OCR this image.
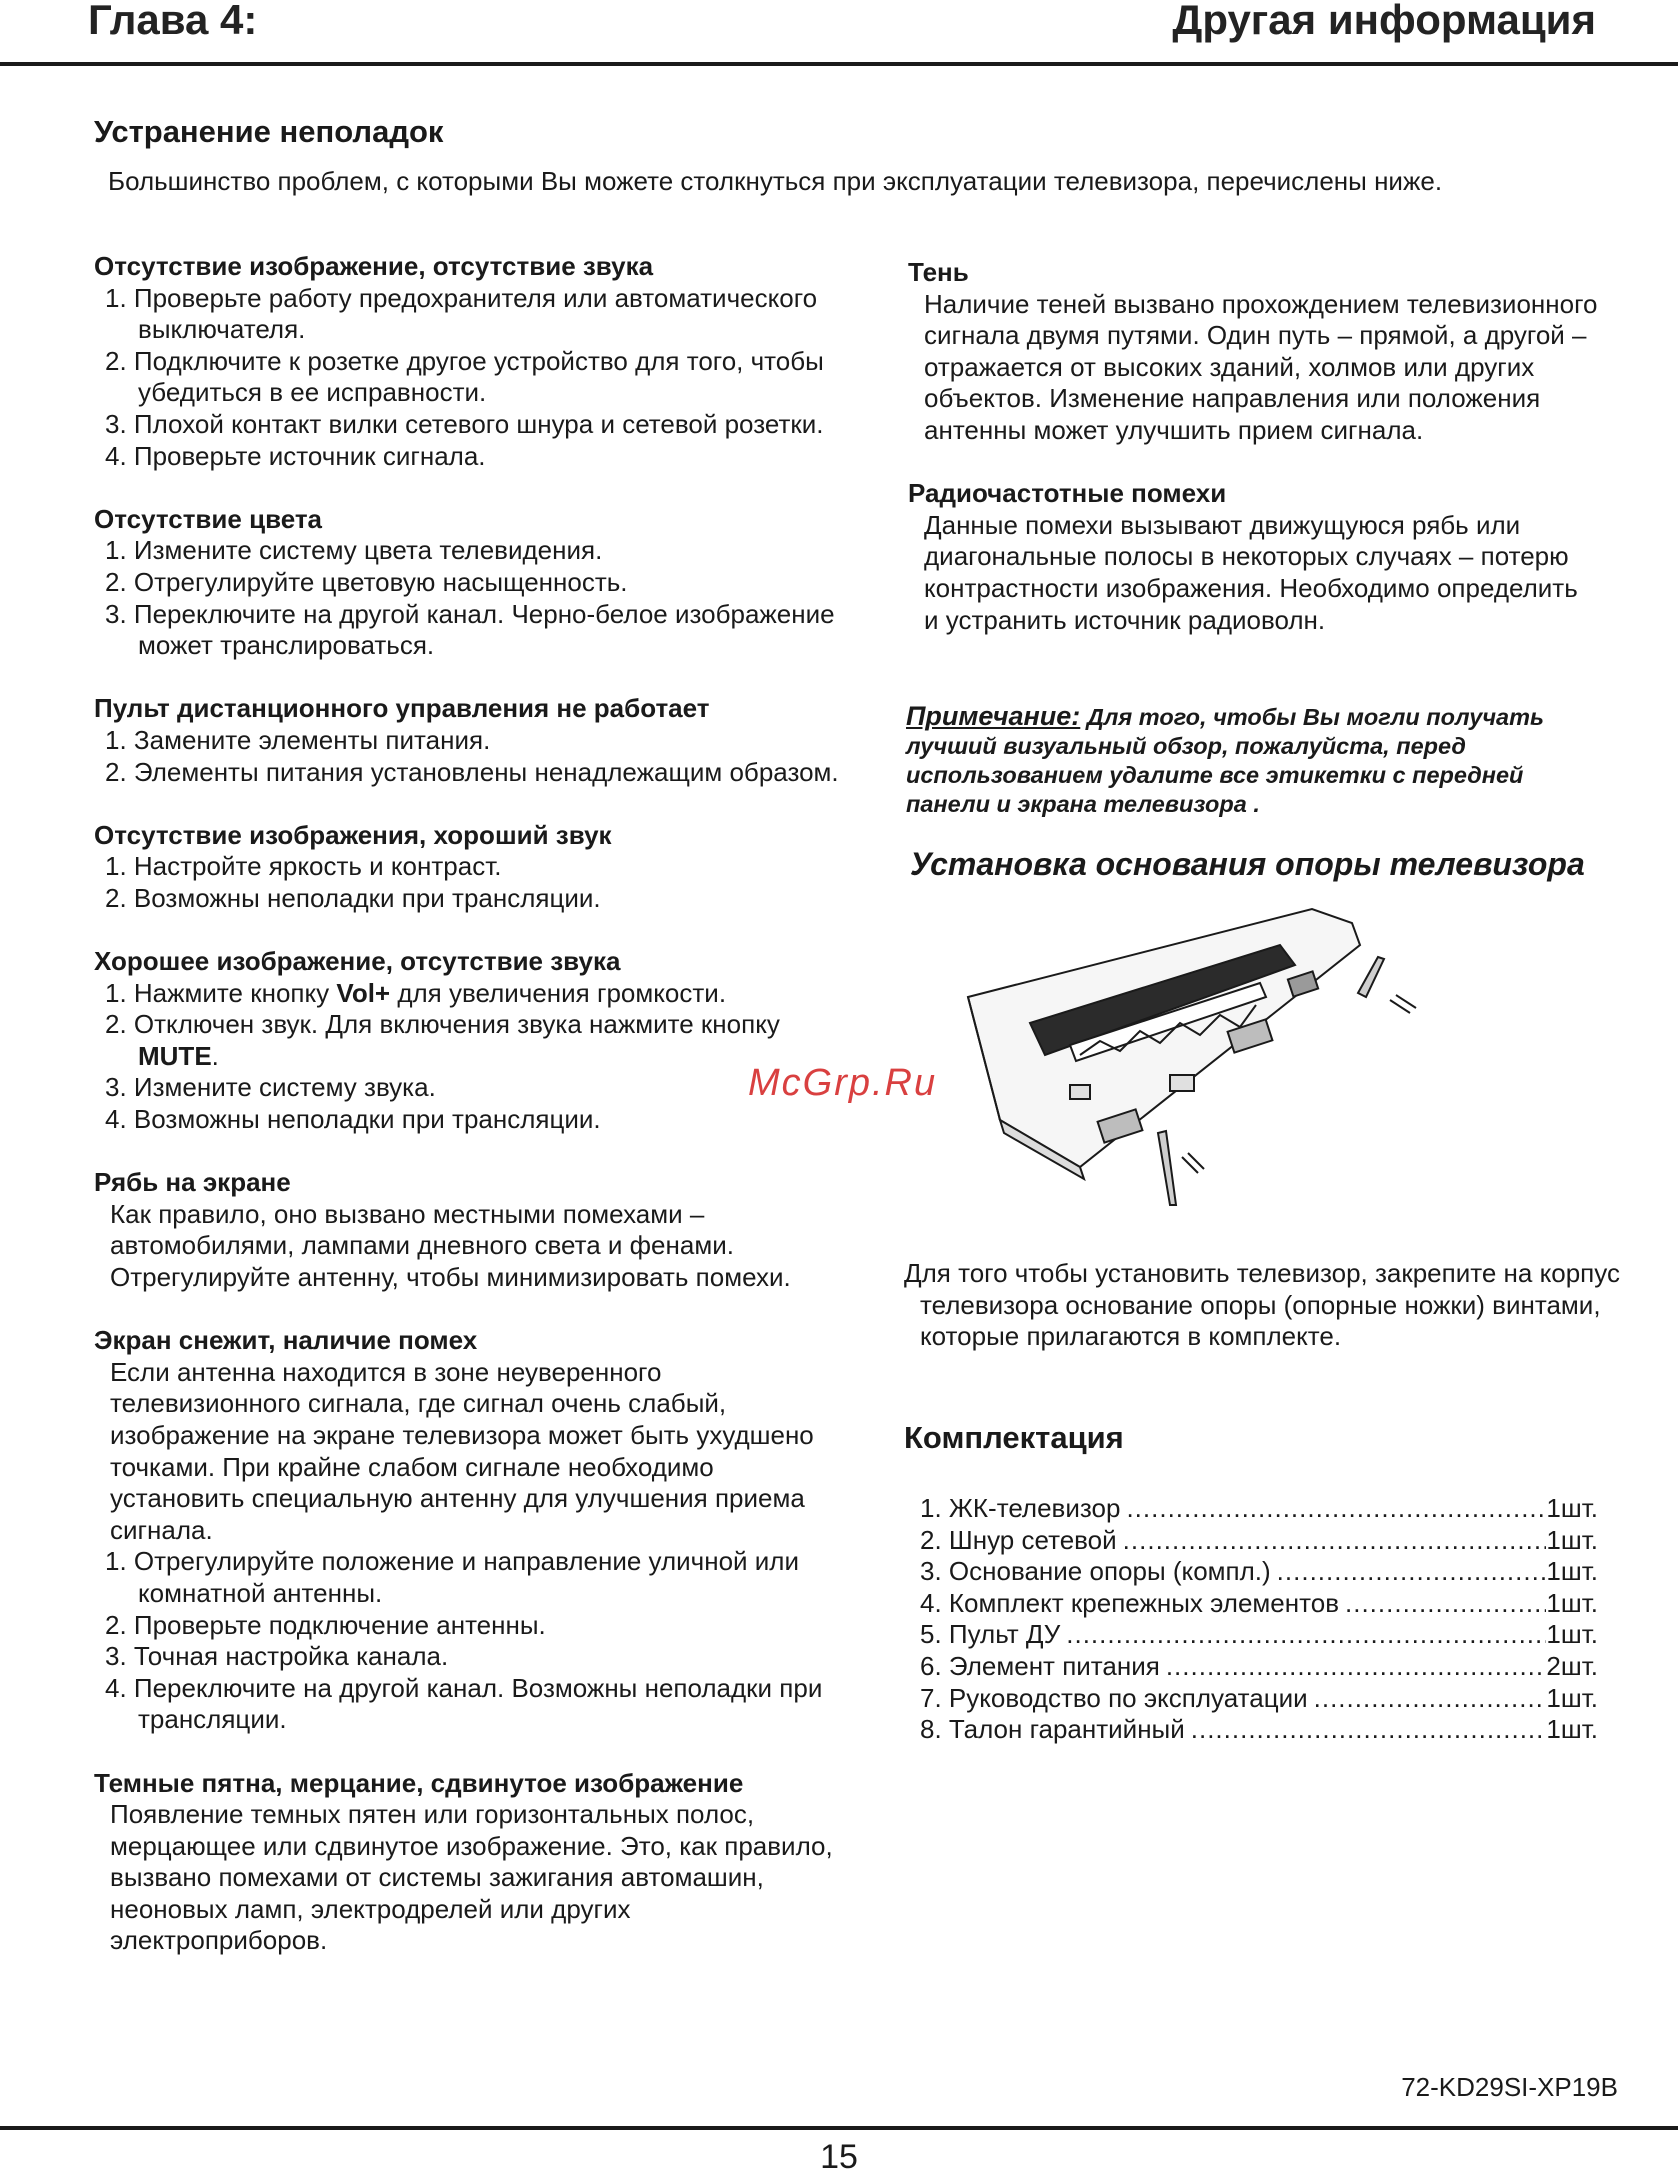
Глава 4:	Другая информация
Устранение неполадок
Большинство проблем, с которыми Вы можете столкнуться при эксплуатации телевизора, перечислены ниже.
Отсутствие изображение, отсутствие звука
1. Проверьте работу предохранителя или автоматического выключателя.
2. Подключите к розетке другое устройство для того, чтобы убедиться в ее исправности.
3. Плохой контакт вилки сетевого шнура и сетевой розетки.
4. Проверьте источник сигнала.
Отсутствие цвета
1. Измените систему цвета телевидения.
2. Отрегулируйте цветовую насыщенность.
3. Переключите на другой канал. Черно-белое изображение может транслироваться.
Пульт дистанционного управления не работает
1. Замените элементы питания.
2. Элементы питания установлены ненадлежащим образом.
Отсутствие изображения, хороший звук
1. Настройте яркость и контраст.
2. Возможны неполадки при трансляции.
Хорошее изображение, отсутствие звука
1. Нажмите кнопку Vol+ для увеличения громкости.
2. Отключен звук. Для включения звука нажмите кнопку MUTE.
3. Измените систему звука.
4. Возможны неполадки при трансляции.
Рябь на экране
Как правило, оно вызвано местными помехами – автомобилями, лампами дневного света и фенами. Отрегулируйте антенну, чтобы минимизировать помехи.
Экран снежит, наличие помех
Если антенна находится в зоне неуверенного телевизионного сигнала, где сигнал очень слабый, изображение на экране телевизора может быть ухудшено точками. При крайне слабом сигнале необходимо установить специальную антенну для улучшения приема сигнала.
1. Отрегулируйте положение и направление уличной или комнатной антенны.
2. Проверьте подключение антенны.
3. Точная настройка канала.
4. Переключите на другой канал. Возможны неполадки при трансляции.
Темные пятна, мерцание, сдвинутое изображение
Появление темных пятен или горизонтальных полос, мерцающее или сдвинутое изображение. Это, как правило, вызвано помехами от системы зажигания автомашин, неоновых ламп, электродрелей или других электроприборов.
Тень
Наличие теней вызвано прохождением телевизионного сигнала двумя путями. Один путь – прямой, а другой – отражается от высоких зданий, холмов или других объектов. Изменение направления или положения антенны может улучшить прием сигнала.
Радиочастотные помехи
Данные помехи вызывают движущуюся рябь или диагональные полосы в некоторых случаях – потерю контрастности изображения. Необходимо определить и устранить источник радиоволн.
Примечание: Для того, чтобы Вы могли получать лучший визуальный обзор, пожалуйста, перед использованием удалите все этикетки с передней панели и экрана телевизора .
Установка основания опоры телевизора
McGrp.Ru
Для того чтобы установить телевизор, закрепите на корпус телевизора основание опоры (опорные ножки) винтами, которые прилагаются в комплекте.
Комплектация
1. ЖК-телевизор .....	1шт.
2. Шнур сетевой .....	1шт.
3. Основание опоры (компл.) .....	1шт.
4. Комплект крепежных элементов .....	1шт.
5. Пульт ДУ .....	1шт.
6. Элемент питания .....	2шт.
7. Руководство по эксплуатации .....	1шт.
8. Талон гарантийный .....	1шт.
72-KD29SI-XP19B
15
